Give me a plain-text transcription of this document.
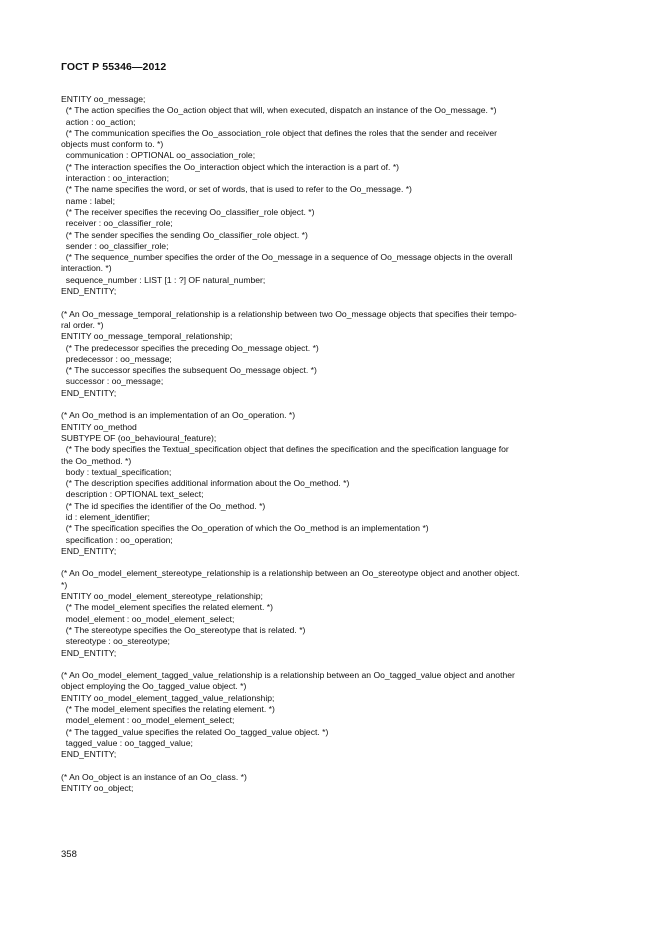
ГОСТ Р 55346—2012
ENTITY oo_message;
(* The action specifies the Oo_action object that will, when executed, dispatch an instance of the Oo_message. *)
action : oo_action;
(* The communication specifies the Oo_association_role object that defines the roles that the sender and receiver
objects must conform to. *)
communication : OPTIONAL oo_association_role;
(* The interaction specifies the Oo_interaction object which the interaction is a part of. *)
interaction : oo_interaction;
(* The name specifies the word, or set of words, that is used to refer to the Oo_message. *)
name : label;
(* The receiver specifies the receving Oo_classifier_role object. *)
receiver : oo_classifier_role;
(* The sender specifies the sending Oo_classifier_role object. *)
sender : oo_classifier_role;
(* The sequence_number specifies the order of the Oo_message in a sequence of Oo_message objects in the overall
interaction. *)
sequence_number : LIST [1 : ?] OF natural_number;
END_ENTITY;
(* An Oo_message_temporal_relationship is a relationship between two Oo_message objects that specifies their tempo-
ral order. *)
ENTITY oo_message_temporal_relationship;
(* The predecessor specifies the preceding Oo_message object. *)
predecessor : oo_message;
(* The successor specifies the subsequent Oo_message object. *)
successor : oo_message;
END_ENTITY;
(* An Oo_method is an implementation of an Oo_operation. *)
ENTITY oo_method
SUBTYPE OF (oo_behavioural_feature);
(* The body specifies the Textual_specification object that defines the specification and the specification language for
the Oo_method. *)
body : textual_specification;
(* The description specifies additional information about the Oo_method. *)
description : OPTIONAL text_select;
(* The id specifies the identifier of the Oo_method. *)
id : element_identifier;
(* The specification specifies the Oo_operation of which the Oo_method is an implementation *)
specification : oo_operation;
END_ENTITY;
(* An Oo_model_element_stereotype_relationship is a relationship between an Oo_stereotype object and another object.
*)
ENTITY oo_model_element_stereotype_relationship;
(* The model_element specifies the related element. *)
model_element : oo_model_element_select;
(* The stereotype specifies the Oo_stereotype that is related. *)
stereotype : oo_stereotype;
END_ENTITY;
(* An Oo_model_element_tagged_value_relationship is a relationship between an Oo_tagged_value object and another
object employing the Oo_tagged_value object. *)
ENTITY oo_model_element_tagged_value_relationship;
(* The model_element specifies the relating element. *)
model_element : oo_model_element_select;
(* The tagged_value specifies the related Oo_tagged_value object. *)
tagged_value : oo_tagged_value;
END_ENTITY;
(* An Oo_object is an instance of an Oo_class. *)
ENTITY oo_object;

358
